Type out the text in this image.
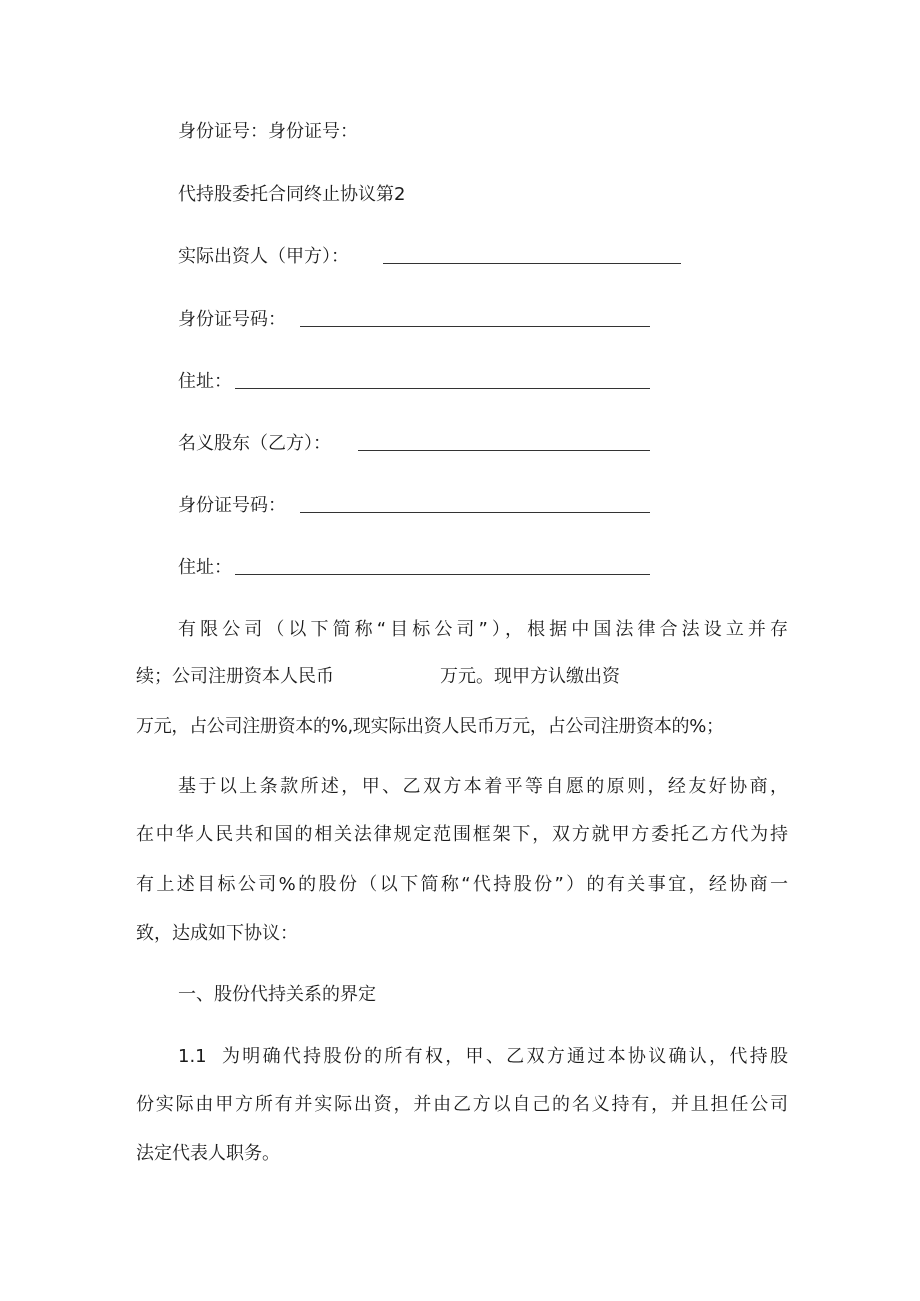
身份证号：身份证号：
代持股委托合同终止协议第2
实际出资人（甲方）：
身份证号码：
住址：
名义股东（乙方）：
身份证号码：
住址：
有限公司（以下简称“目标公司”），根据中国法律合法设立并存
续；公司注册资本人民币	万元。现甲方认缴出资
万元，占公司注册资本的%,现实际出资人民币万元，占公司注册资本的%；
基于以上条款所述，甲、乙双方本着平等自愿的原则，经友好协商，
在中华人民共和国的相关法律规定范围框架下，双方就甲方委托乙方代为持
有上述目标公司%的股份（以下简称“代持股份”）的有关事宜，经协商一
致，达成如下协议：
一、股份代持关系的界定
1.1 为明确代持股份的所有权，甲、乙双方通过本协议确认，代持股
份实际由甲方所有并实际出资，并由乙方以自己的名义持有，并且担任公司
法定代表人职务。
